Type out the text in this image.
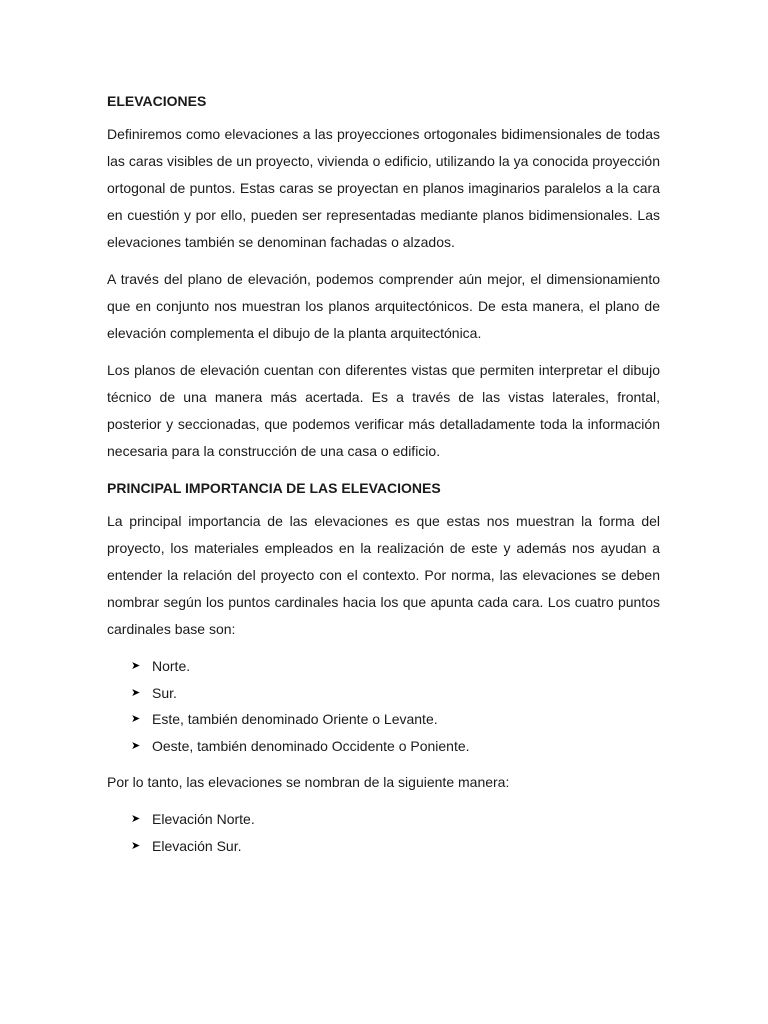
ELEVACIONES

Definiremos como elevaciones a las proyecciones ortogonales bidimensionales de todas las caras visibles de un proyecto, vivienda o edificio, utilizando la ya conocida proyección ortogonal de puntos. Estas caras se proyectan en planos imaginarios paralelos a la cara en cuestión y por ello, pueden ser representadas mediante planos bidimensionales. Las elevaciones también se denominan fachadas o alzados.

A través del plano de elevación, podemos comprender aún mejor, el dimensionamiento que en conjunto nos muestran los planos arquitectónicos. De esta manera, el plano de elevación complementa el dibujo de la planta arquitectónica.

Los planos de elevación cuentan con diferentes vistas que permiten interpretar el dibujo técnico de una manera más acertada. Es a través de las vistas laterales, frontal, posterior y seccionadas, que podemos verificar más detalladamente toda la información necesaria para la construcción de una casa o edificio.

PRINCIPAL IMPORTANCIA DE LAS ELEVACIONES

La principal importancia de las elevaciones es que estas nos muestran la forma del proyecto, los materiales empleados en la realización de este y además nos ayudan a entender la relación del proyecto con el contexto. Por norma, las elevaciones se deben nombrar según los puntos cardinales hacia los que apunta cada cara. Los cuatro puntos cardinales base son:

➤ Norte.
➤ Sur.
➤ Este, también denominado Oriente o Levante.
➤ Oeste, también denominado Occidente o Poniente.

Por lo tanto, las elevaciones se nombran de la siguiente manera:

➤ Elevación Norte.
➤ Elevación Sur.
